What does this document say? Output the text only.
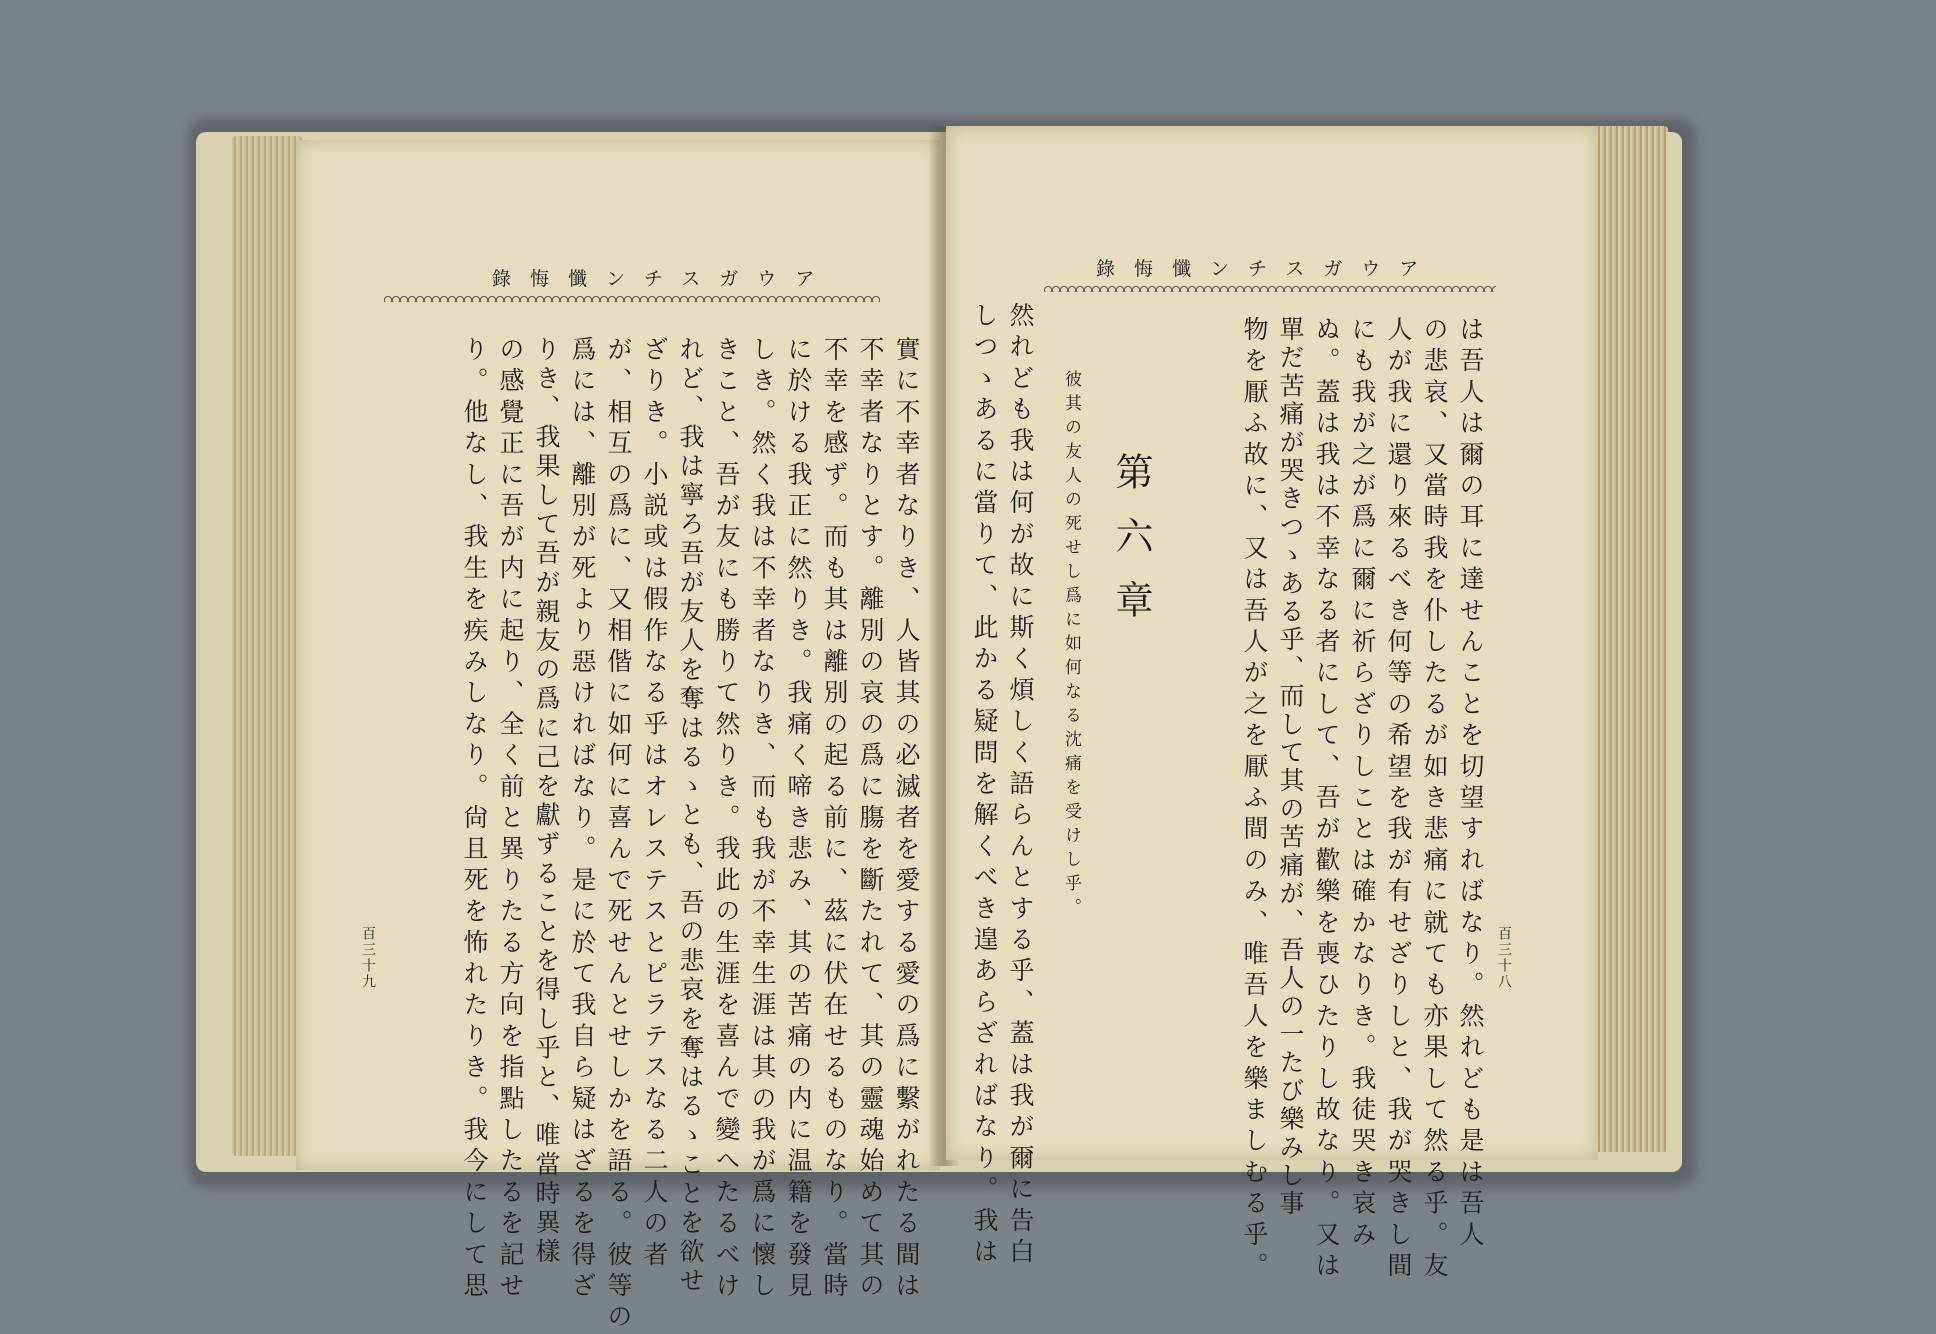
錄悔懺ンチスガウア
實に不幸者なりき、人皆其の必滅者を愛する愛の爲に繫がれたる間は
不幸者なりとす。離別の哀の爲に膓を斷たれて、其の靈魂始めて其の
不幸を感ず。而も其は離別の起る前に、茲に伏在せるものなり。當時
に於ける我正に然りき。我痛く啼き悲み、其の苦痛の内に温籍を發見
しき。然く我は不幸者なりき、而も我が不幸生涯は其の我が爲に懷し
きこと、吾が友にも勝りて然りき。我此の生涯を喜んで變へたるべけ
れど、我は寧ろ吾が友人を奪はるゝとも、吾の悲哀を奪はるゝことを欲せ
ざりき。小説或は假作なる乎はオレステスとピラテスなる二人の者
が、相互の爲に、又相偕に如何に喜んで死せんとせしかを語る。彼等の
爲には、離別が死より惡ければなり。是に於て我自ら疑はざるを得ざ
りき、我果して吾が親友の爲に己を獻ずることを得し乎と、唯當時異樣
の感覺正に吾が内に起り、全く前と異りたる方向を指點したるを記せ
り。他なし、我生を疾みしなり。尙且死を怖れたりき。我今にして思
百三十九
錄悔懺ンチスガウア
は吾人は爾の耳に達せんことを切望すればなり。然れども是は吾人
の悲哀、又當時我を仆したるが如き悲痛に就ても亦果して然る乎。友
人が我に還り來るべき何等の希望を我が有せざりしと、我が哭きし間
にも我が之が爲に爾に祈らざりしことは確かなりき。我徒哭き哀み
ぬ。蓋は我は不幸なる者にして、吾が歡樂を喪ひたりし故なり。又は
單だ苦痛が哭きつゝある乎、而して其の苦痛が、吾人の一たび樂みし事
物を厭ふ故に、又は吾人が之を厭ふ間のみ、唯吾人を樂ましむる乎。
第六章
彼其の友人の死せし爲に如何なる沈痛を受けし乎。
然れども我は何が故に斯く煩しく語らんとする乎、蓋は我が爾に告白
しつゝあるに當りて、此かる疑問を解くべき遑あらざればなり。我は	百三十八
